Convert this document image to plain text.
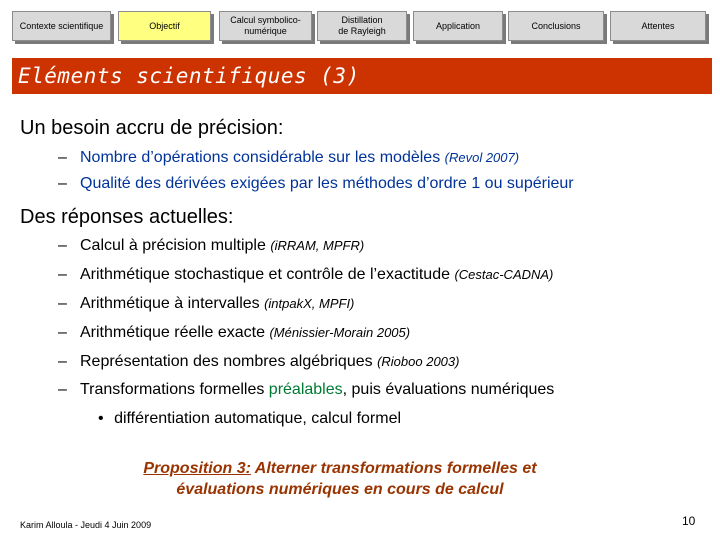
Contexte scientifique	Objectif
Calcul symbolico-
numérique
Distillation
de Rayleigh
Application	Conclusions	Attentes
Eléments scientifiques (3)
Un besoin accru de précision:
– Nombre d’opérations considérable sur les modèles (Revol 2007)
– Qualité des dérivées exigées par les méthodes d’ordre 1 ou supérieur
Des réponses actuelles:
– Calcul à précision multiple (iRRAM, MPFR)
– Arithmétique stochastique et contrôle de l’exactitude (Cestac-CADNA)
– Arithmétique à intervalles (intpakX, MPFI)
– Arithmétique réelle exacte (Ménissier-Morain 2005)
– Représentation des nombres algébriques (Rioboo 2003)
– Transformations formelles préalables, puis évaluations numériques
• différentiation automatique, calcul formel
Proposition 3: Alterner transformations formelles et
évaluations numériques en cours de calcul
Karim Alloula - Jeudi 4 Juin 2009	10
